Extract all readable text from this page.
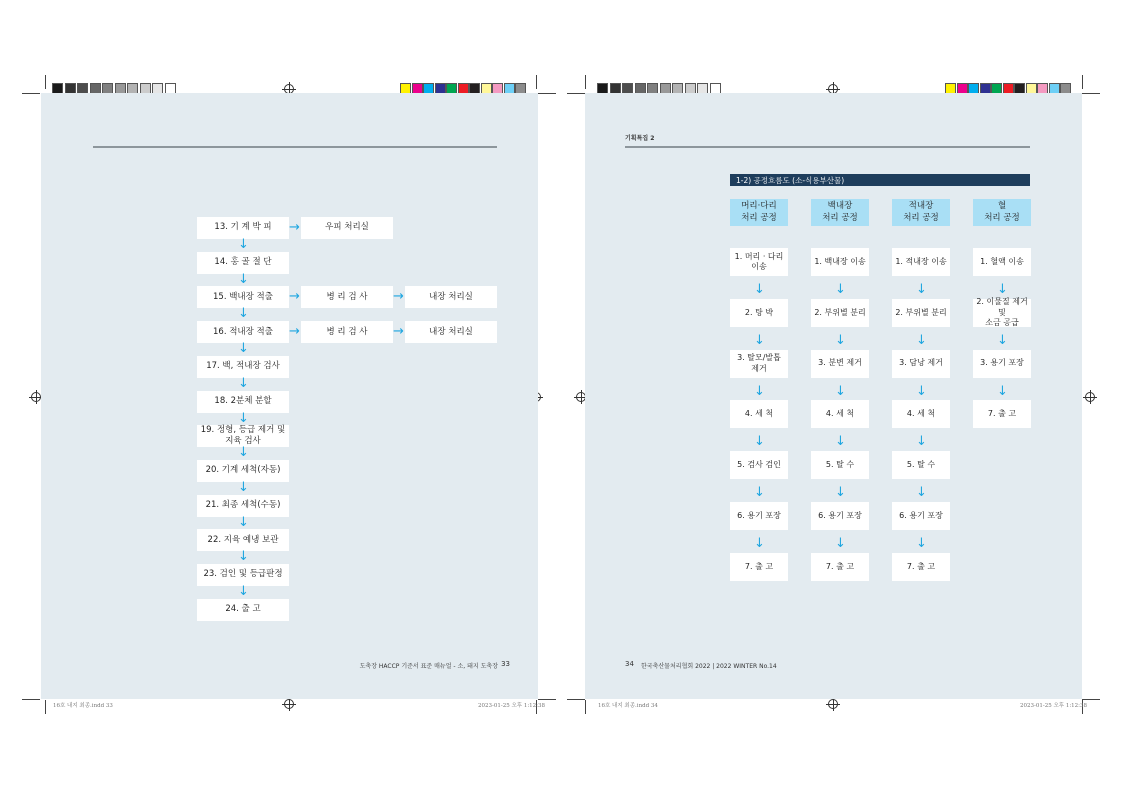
13. 기 계 박 피
↓
→	우피 처리실
14. 홍 골 절 단
↓
15. 백내장 적출
↓
→	병 리 검 사	→	내장 처리실
16. 적내장 적출
↓
→	병 리 검 사	→	내장 처리실
17. 백, 적내장 검사
↓
18. 2분체 분할
↓
19. 정형, 등급 제거 및 지육 검사
↓
20. 기계 세척(자동)
↓
21. 최종 세척(수동)
↓
22. 지육 예냉 보관
↓
23. 검인 및 등급판정
↓
24. 출 고
도축장 HACCP 기준서 표준 매뉴얼 - 소, 돼지 도축장 33
기획특집 2
1-2) 공정흐름도 (소-식용부산물)
머리·다리
처리 공정
1. 머리 · 다리
이송
↓
2. 탕 박
↓
3. 탈모/발톱
제거
↓
4. 세 척
↓
5. 검사 검인
↓
6. 용기 포장
↓
7. 출 고
백내장
처리 공정
1. 백내장 이송
↓
2. 부위별 분리
↓
3. 분변 제거
↓
4. 세 척
↓
5. 탈 수
↓
6. 용기 포장
↓
7. 출 고
적내장
처리 공정
1. 적내장 이송
↓
2. 부위별 분리
↓
3. 담낭 제거
↓
4. 세 척
↓
5. 탈 수
↓
6. 용기 포장
↓
7. 출 고
혈
처리 공정
1. 혈액 이송
↓
2. 이물질 제거 및
소금 공급
↓
3. 용기 포장
↓
7. 출 고
34 한국축산물처리협회 2022 | 2022 WINTER No.14
16호 내지 최종.indd 33	2023-01-25 오후 1:12:38	16호 내지 최종.indd 34	2023-01-25 오후 1:12:38
